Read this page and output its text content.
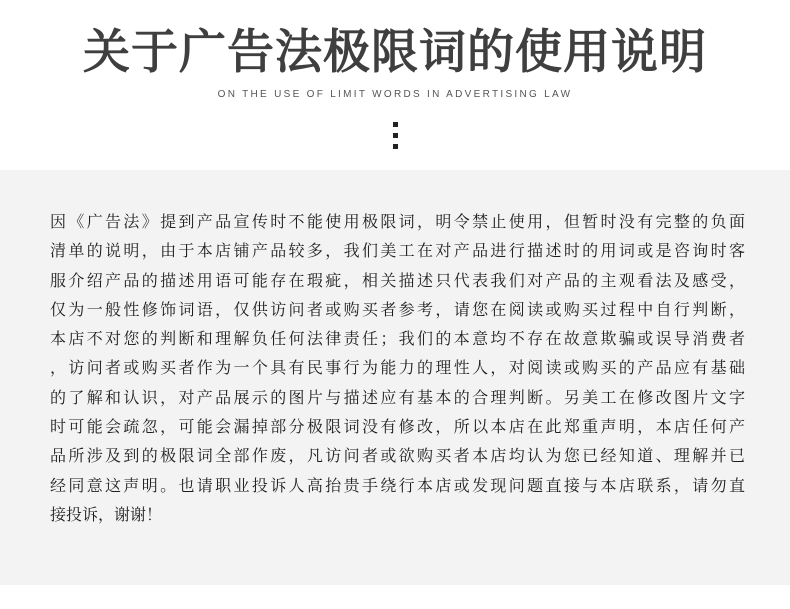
关于广告法极限词的使用说明
ON THE USE OF LIMIT WORDS IN ADVERTISING LAW
因《广告法》提到产品宣传时不能使用极限词，明令禁止使用，但暂时没有完整的负面
清单的说明，由于本店铺产品较多，我们美工在对产品进行描述时的用词或是咨询时客
服介绍产品的描述用语可能存在瑕疵，相关描述只代表我们对产品的主观看法及感受，
仅为一般性修饰词语，仅供访问者或购买者参考，请您在阅读或购买过程中自行判断，
本店不对您的判断和理解负任何法律责任；我们的本意均不存在故意欺骗或误导消费者
，访问者或购买者作为一个具有民事行为能力的理性人，对阅读或购买的产品应有基础
的了解和认识，对产品展示的图片与描述应有基本的合理判断。另美工在修改图片文字
时可能会疏忽，可能会漏掉部分极限词没有修改，所以本店在此郑重声明，本店任何产
品所涉及到的极限词全部作废，凡访问者或欲购买者本店均认为您已经知道、理解并已
经同意这声明。也请职业投诉人高抬贵手绕行本店或发现问题直接与本店联系，请勿直
接投诉，谢谢！
